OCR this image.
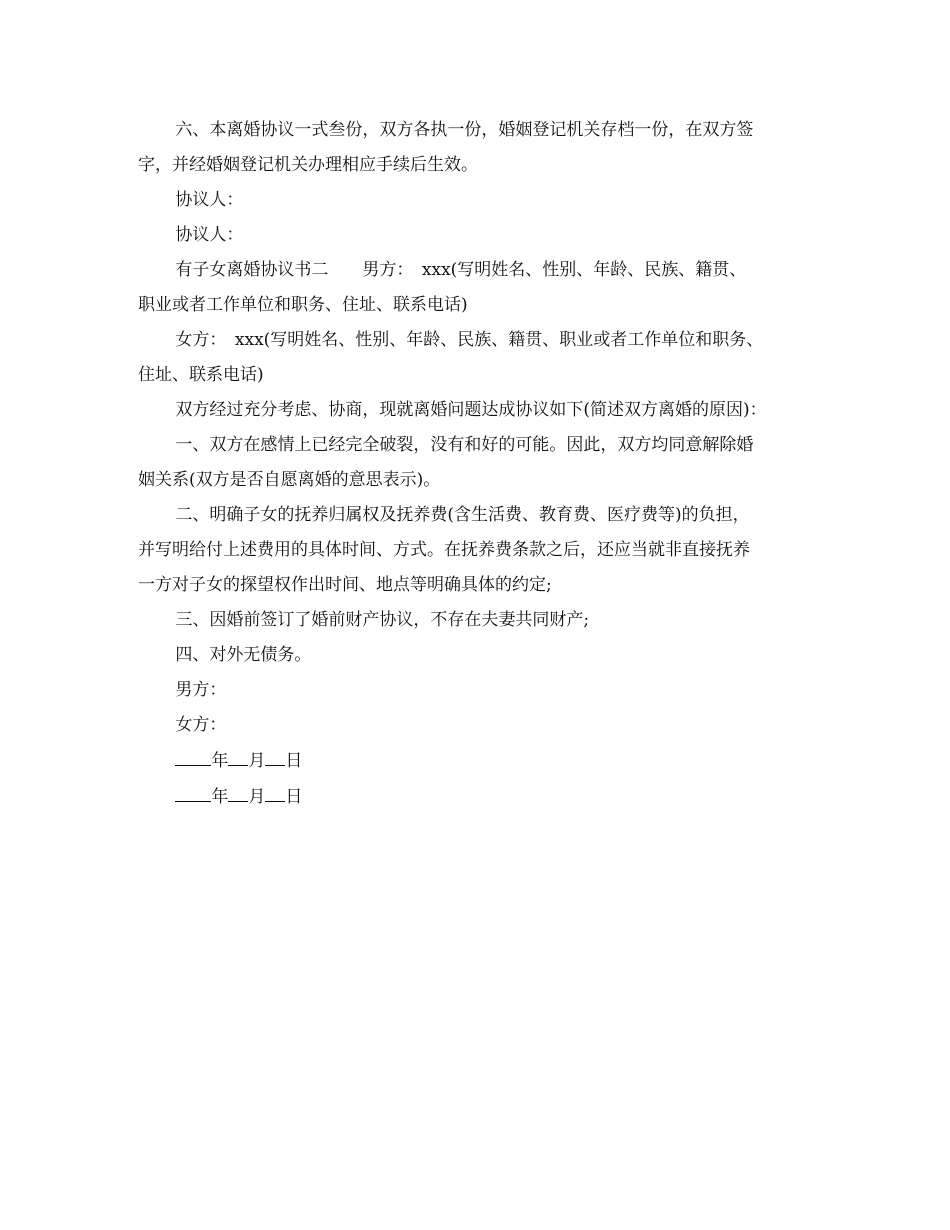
六、本离婚协议一式叁份，双方各执一份，婚姻登记机关存档一份，在双方签
字，并经婚姻登记机关办理相应手续后生效。

协议人：

协议人：

有子女离婚协议书二　　男方：　xxx(写明姓名、性别、年龄、民族、籍贯、
职业或者工作单位和职务、住址、联系电话)

女方：　xxx(写明姓名、性别、年龄、民族、籍贯、职业或者工作单位和职务、
住址、联系电话)

双方经过充分考虑、协商，现就离婚问题达成协议如下(简述双方离婚的原因)：

一、双方在感情上已经完全破裂，没有和好的可能。因此，双方均同意解除婚
姻关系(双方是否自愿离婚的意思表示)。

二、明确子女的抚养归属权及抚养费(含生活费、教育费、医疗费等)的负担，
并写明给付上述费用的具体时间、方式。在抚养费条款之后，还应当就非直接抚养
一方对子女的探望权作出时间、地点等明确具体的约定;

三、因婚前签订了婚前财产协议，不存在夫妻共同财产;

四、对外无债务。

男方：

女方：

年 月 日

年 月 日
